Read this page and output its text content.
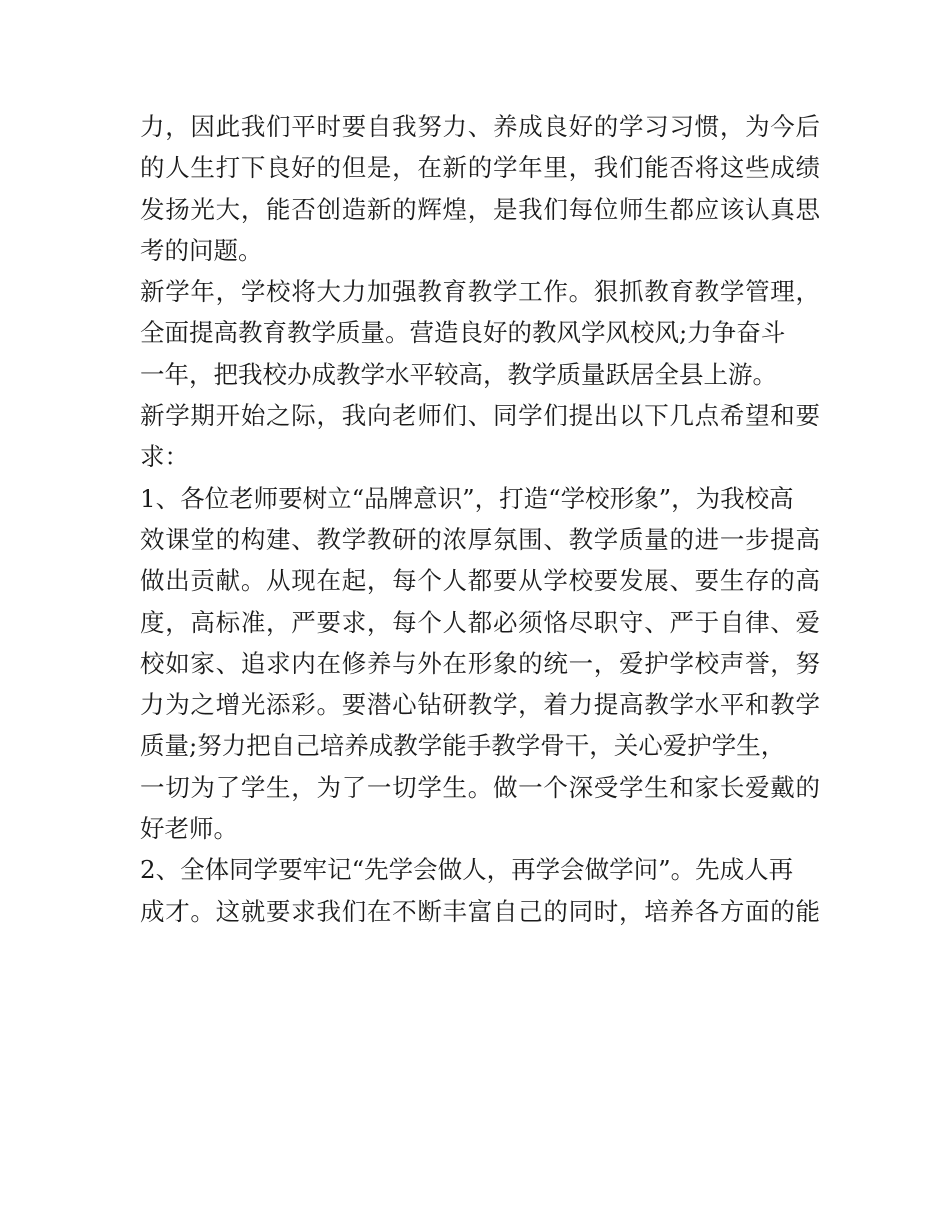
力，因此我们平时要自我努力、养成良好的学习习惯，为今后
的人生打下良好的但是，在新的学年里，我们能否将这些成绩
发扬光大，能否创造新的辉煌，是我们每位师生都应该认真思
考的问题。
新学年，学校将大力加强教育教学工作。狠抓教育教学管理，
全面提高教育教学质量。营造良好的教风学风校风;力争奋斗
一年，把我校办成教学水平较高，教学质量跃居全县上游。
新学期开始之际，我向老师们、同学们提出以下几点希望和要
求：
1、各位老师要树立“品牌意识”，打造“学校形象”，为我校高
效课堂的构建、教学教研的浓厚氛围、教学质量的进一步提高
做出贡献。从现在起，每个人都要从学校要发展、要生存的高
度，高标准，严要求，每个人都必须恪尽职守、严于自律、爱
校如家、追求内在修养与外在形象的统一，爱护学校声誉，努
力为之增光添彩。要潜心钻研教学，着力提高教学水平和教学
质量;努力把自己培养成教学能手教学骨干，关心爱护学生，
一切为了学生，为了一切学生。做一个深受学生和家长爱戴的
好老师。
2、全体同学要牢记“先学会做人，再学会做学问”。先成人再
成才。这就要求我们在不断丰富自己的同时，培养各方面的能
